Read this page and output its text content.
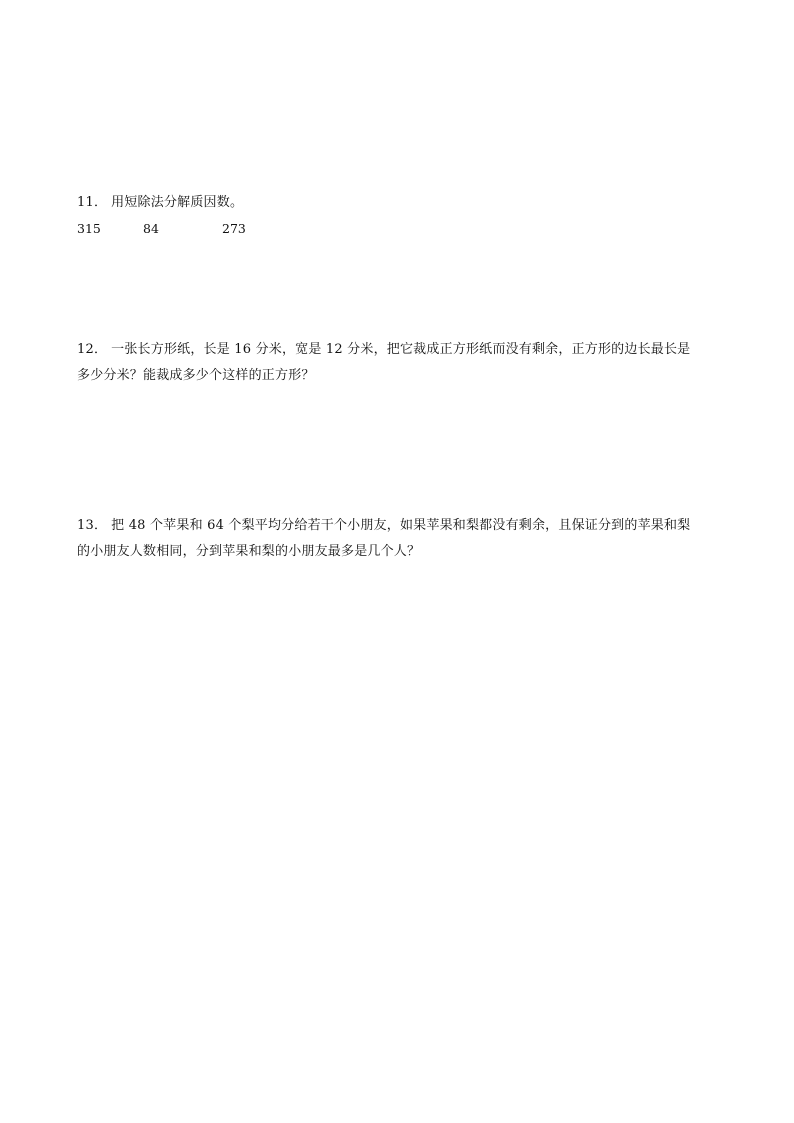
11． 用短除法分解质因数。
315	84	273
12． 一张长方形纸，长是 16 分米，宽是 12 分米，把它裁成正方形纸而没有剩余，正方形的边长最长是
多少分米？能裁成多少个这样的正方形？
13． 把 48 个苹果和 64 个梨平均分给若干个小朋友，如果苹果和梨都没有剩余，且保证分到的苹果和梨
的小朋友人数相同，分到苹果和梨的小朋友最多是几个人？
